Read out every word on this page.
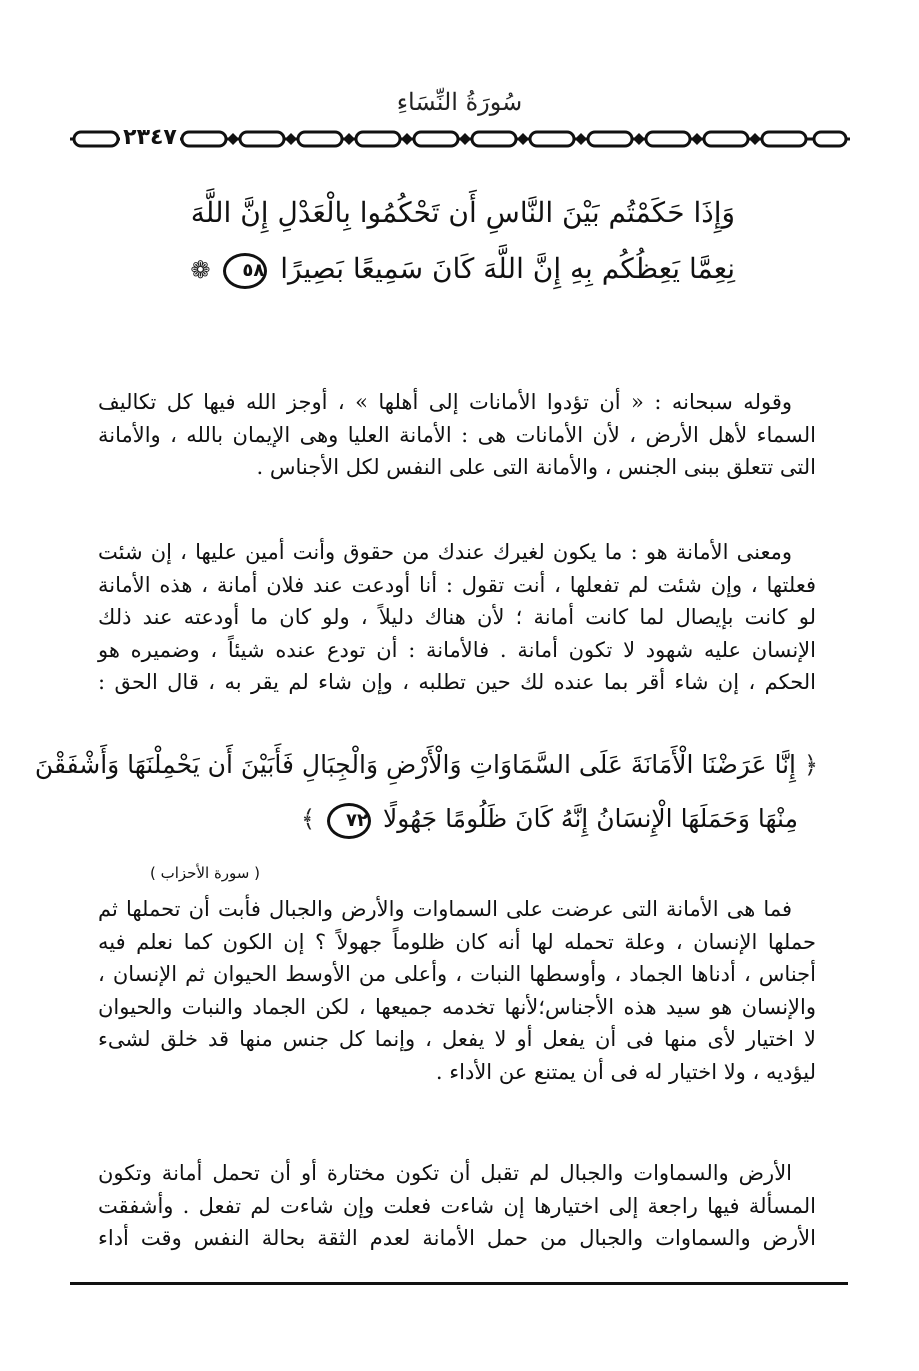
سُورَةُ النِّسَاءِ
٢٣٤٧
وَإِذَا حَكَمْتُم بَيْنَ النَّاسِ أَن تَحْكُمُوا بِالْعَدْلِ إِنَّ اللَّهَ
نِعِمَّا يَعِظُكُم بِهِ إِنَّ اللَّهَ كَانَ سَمِيعًا بَصِيرًا ٥٨ ❁
وقوله سبحانه : « أن تؤدوا الأمانات إلى أهلها » ، أوجز الله فيها كل تكاليف
السماء لأهل الأرض ، لأن الأمانات هى : الأمانة العليا وهى الإيمان بالله ، والأمانة
التى تتعلق ببنى الجنس ، والأمانة التى على النفس لكل الأجناس .
ومعنى الأمانة هو : ما يكون لغيرك عندك من حقوق وأنت أمين عليها ، إن شئت
فعلتها ، وإن شئت لم تفعلها ، أنت تقول : أنا أودعت عند فلان أمانة ، هذه الأمانة
لو كانت بإيصال لما كانت أمانة ؛ لأن هناك دليلاً ، ولو كان ما أودعته عند ذلك
الإنسان عليه شهود لا تكون أمانة . فالأمانة : أن تودع عنده شيئاً ، وضميره هو
الحكم ، إن شاء أقر بما عنده لك حين تطلبه ، وإن شاء لم يقر به ، قال الحق :
﴿ إِنَّا عَرَضْنَا الْأَمَانَةَ عَلَى السَّمَاوَاتِ وَالْأَرْضِ وَالْجِبَالِ فَأَبَيْنَ أَن يَحْمِلْنَهَا وَأَشْفَقْنَ
مِنْهَا وَحَمَلَهَا الْإِنسَانُ إِنَّهُ كَانَ ظَلُومًا جَهُولًا ٧٢ ﴾
( سورة الأحزاب )
فما هى الأمانة التى عرضت على السماوات والأرض والجبال فأبت أن تحملها ثم
حملها الإنسان ، وعلة تحمله لها أنه كان ظلوماً جهولاً ؟ إن الكون كما نعلم فيه
أجناس ، أدناها الجماد ، وأوسطها النبات ، وأعلى من الأوسط الحيوان ثم الإنسان ،
والإنسان هو سيد هذه الأجناس؛لأنها تخدمه جميعها ، لكن الجماد والنبات والحيوان
لا اختيار لأى منها فى أن يفعل أو لا يفعل ، وإنما كل جنس منها قد خلق لشىء
ليؤديه ، ولا اختيار له فى أن يمتنع عن الأداء .
الأرض والسماوات والجبال لم تقبل أن تكون مختارة أو أن تحمل أمانة وتكون
المسألة فيها راجعة إلى اختيارها إن شاءت فعلت وإن شاءت لم تفعل . وأشفقت
الأرض والسماوات والجبال من حمل الأمانة لعدم الثقة بحالة النفس وقت أداء
